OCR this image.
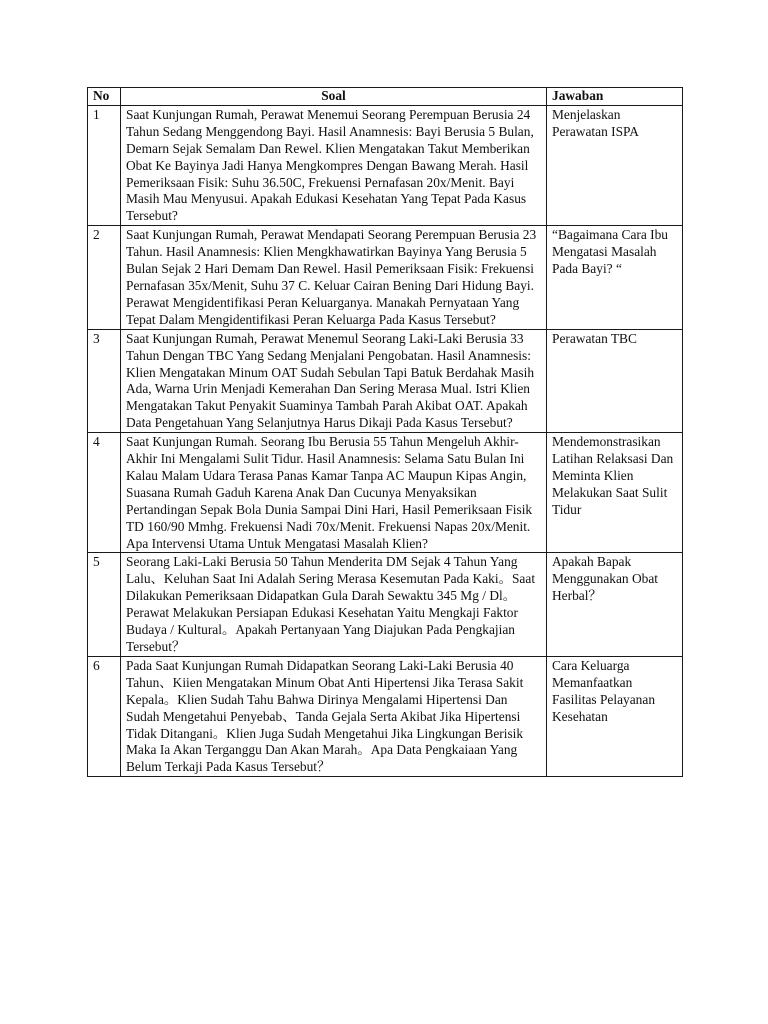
No	Soal	Jawaban
1	Saat Kunjungan Rumah, Perawat Menemui Seorang Perempuan Berusia 24 Tahun Sedang Menggendong Bayi. Hasil Anamnesis: Bayi Berusia 5 Bulan, Demarn Sejak Semalam Dan Rewel. Klien Mengatakan Takut Memberikan Obat Ke Bayinya Jadi Hanya Mengkompres Dengan Bawang Merah. Hasil Pemeriksaan Fisik: Suhu 36.50C, Frekuensi Pernafasan 20x/Menit. Bayi Masih Mau Menyusui. Apakah Edukasi Kesehatan Yang Tepat Pada Kasus Tersebut?	Menjelaskan Perawatan ISPA
2	Saat Kunjungan Rumah, Perawat Mendapati Seorang Perempuan Berusia 23 Tahun. Hasil Anamnesis: Klien Mengkhawatirkan Bayinya Yang Berusia 5 Bulan Sejak 2 Hari Demam Dan Rewel. Hasil Pemeriksaan Fisik: Frekuensi Pernafasan 35x/Menit, Suhu 37 C. Keluar Cairan Bening Dari Hidung Bayi. Perawat Mengidentifikasi Peran Keluarganya. Manakah Pernyataan Yang Tepat Dalam Mengidentifikasi Peran Keluarga Pada Kasus Tersebut?	“Bagaimana Cara Ibu Mengatasi Masalah Pada Bayi? “
3	Saat Kunjungan Rumah, Perawat Menemul Seorang Laki-Laki Berusia 33 Tahun Dengan TBC Yang Sedang Menjalani Pengobatan. Hasil Anamnesis: Klien Mengatakan Minum OAT Sudah Sebulan Tapi Batuk Berdahak Masih Ada, Warna Urin Menjadi Kemerahan Dan Sering Merasa Mual. Istri Klien Mengatakan Takut Penyakit Suaminya Tambah Parah Akibat OAT. Apakah Data Pengetahuan Yang Selanjutnya Harus Dikaji Pada Kasus Tersebut?	Perawatan TBC
4	Saat Kunjungan Rumah. Seorang Ibu Berusia 55 Tahun Mengeluh Akhir-Akhir Ini Mengalami Sulit Tidur. Hasil Anamnesis: Selama Satu Bulan Ini Kalau Malam Udara Terasa Panas Kamar Tanpa AC Maupun Kipas Angin, Suasana Rumah Gaduh Karena Anak Dan Cucunya Menyaksikan Pertandingan Sepak Bola Dunia Sampai Dini Hari, Hasil Pemeriksaan Fisik TD 160/90 Mmhg. Frekuensi Nadi 70x/Menit. Frekuensi Napas 20x/Menit. Apa Intervensi Utama Untuk Mengatasi Masalah Klien?	Mendemonstrasikan Latihan Relaksasi Dan Meminta Klien Melakukan Saat Sulit Tidur
5	Seorang Laki-Laki Berusia 50 Tahun Menderita DM Sejak 4 Tahun Yang Lalu、Keluhan Saat Ini Adalah Sering Merasa Kesemutan Pada Kaki。Saat Dilakukan Pemeriksaan Didapatkan Gula Darah Sewaktu 345 Mg / Dl。Perawat Melakukan Persiapan Edukasi Kesehatan Yaitu Mengkaji Faktor Budaya / Kultural。Apakah Pertanyaan Yang Diajukan Pada Pengkajian Tersebut？	Apakah Bapak Menggunakan Obat Herbal？
6	Pada Saat Kunjungan Rumah Didapatkan Seorang Laki-Laki Berusia 40 Tahun、Kiien Mengatakan Minum Obat Anti Hipertensi Jika Terasa Sakit Kepala。Klien Sudah Tahu Bahwa Dirinya Mengalami Hipertensi Dan Sudah Mengetahui Penyebab、Tanda Gejala Serta Akibat Jika Hipertensi Tidak Ditangani。Klien Juga Sudah Mengetahui Jika Lingkungan Berisik Maka Ia Akan Terganggu Dan Akan Marah。Apa Data Pengkaiaan Yang Belum Terkaji Pada Kasus Tersebut？	Cara Keluarga Memanfaatkan Fasilitas Pelayanan Kesehatan
